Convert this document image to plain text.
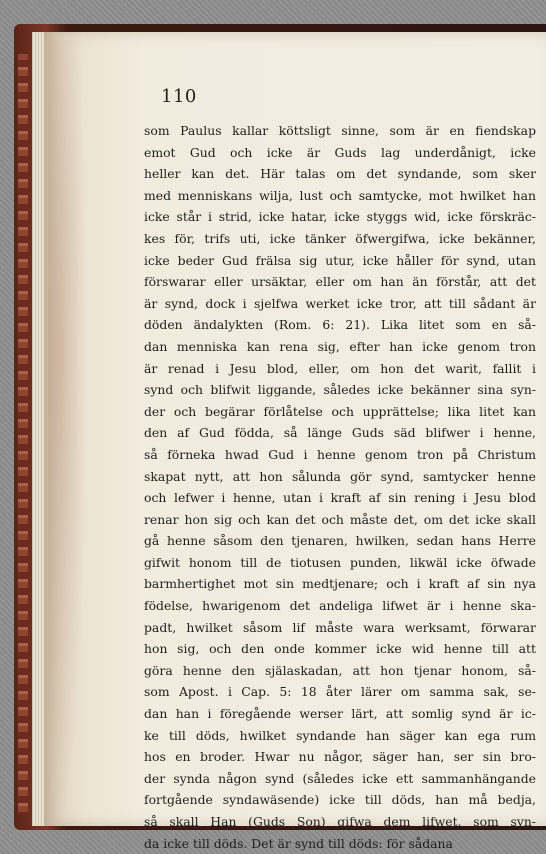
110
som Paulus kallar köttsligt sinne, som är en fiendskap
emot Gud och icke är Guds lag underdånigt, icke
heller kan det. Här talas om det syndande, som sker
med menniskans wilja, lust och samtycke, mot hwilket han
icke står i strid, icke hatar, icke styggs wid, icke förskräc-
kes för, trifs uti, icke tänker öfwergifwa, icke bekänner,
icke beder Gud frälsa sig utur, icke håller för synd, utan
förswarar eller ursäktar, eller om han än förstår, att det
är synd, dock i sjelfwa werket icke tror, att till sådant är
döden ändalykten (Rom. 6: 21). Lika litet som en så-
dan menniska kan rena sig, efter han icke genom tron
är renad i Jesu blod, eller, om hon det warit, fallit i
synd och blifwit liggande, således icke bekänner sina syn-
der och begärar förlåtelse och upprättelse; lika litet kan
den af Gud födda, så länge Guds säd blifwer i henne,
så förneka hwad Gud i henne genom tron på Christum
skapat nytt, att hon sålunda gör synd, samtycker henne
och lefwer i henne, utan i kraft af sin rening i Jesu blod
renar hon sig och kan det och måste det, om det icke skall
gå henne såsom den tjenaren, hwilken, sedan hans Herre
gifwit honom till de tiotusen punden, likwäl icke öfwade
barmhertighet mot sin medtjenare; och i kraft af sin nya
födelse, hwarigenom det andeliga lifwet är i henne ska-
padt, hwilket såsom lif måste wara werksamt, förwarar
hon sig, och den onde kommer icke wid henne till att
göra henne den själaskadan, att hon tjenar honom, så-
som Apost. i Cap. 5: 18 åter lärer om samma sak, se-
dan han i föregående werser lärt, att somlig synd är ic-
ke till döds, hwilket syndande han säger kan ega rum
hos en broder. Hwar nu någor, säger han, ser sin bro-
der synda någon synd (således icke ett sammanhängande
fortgående syndawäsende) icke till döds, han må bedja,
så skall Han (Guds Son) gifwa dem lifwet, som syn-
da icke till döds. Det är synd till döds: för sådana
